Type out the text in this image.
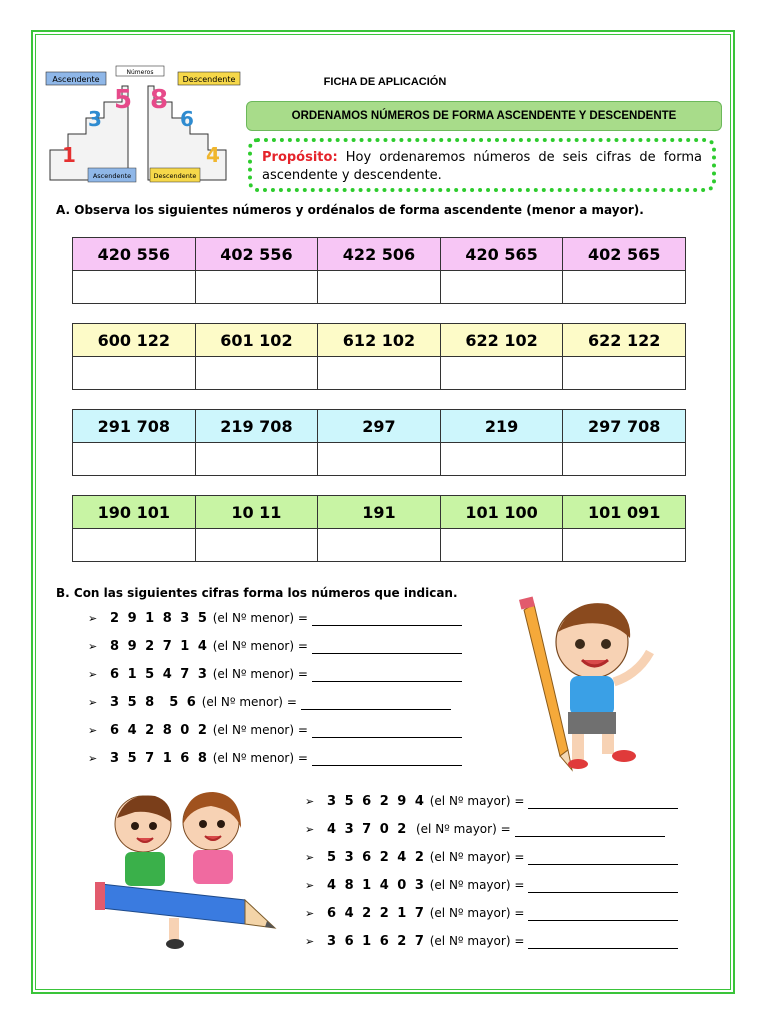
Ascendente
Números
Descendente
Ascendente	Descendente
1
3
5 8
6
4
FICHA DE APLICACIÓN
ORDENAMOS NÚMEROS DE FORMA ASCENDENTE Y DESCENDENTE
Propósito: Hoy ordenaremos números de seis cifras de forma ascendente y descendente.
A. Observa los siguientes números y ordénalos de forma ascendente (menor a mayor).
420 556	402 556	422 506	420 565	402 565

600 122	601 102	612 102	622 102	622 122

291 708	219 708	297	219	297 708

190 101	10 11	191	101 100	101 091

B. Con las siguientes cifras forma los números que indican.
➢ 2 9 1 8 3 5 (el Nº menor) =
➢ 8 9 2 7 1 4 (el Nº menor) =
➢ 6 1 5 4 7 3 (el Nº menor) =
➢ 3 5 8  5 6 (el Nº menor) =
➢ 6 4 2 8 0 2 (el Nº menor) =
➢ 3 5 7 1 6 8 (el Nº menor) =
➢ 3 5 6 2 9 4 (el Nº mayor) =
➢ 4 3 7 0 2  (el Nº mayor) =
➢ 5 3 6 2 4 2 (el Nº mayor) =
➢ 4 8 1 4 0 3 (el Nº mayor) =
➢ 6 4 2 2 1 7 (el Nº mayor) =
➢ 3 6 1 6 2 7 (el Nº mayor) =
